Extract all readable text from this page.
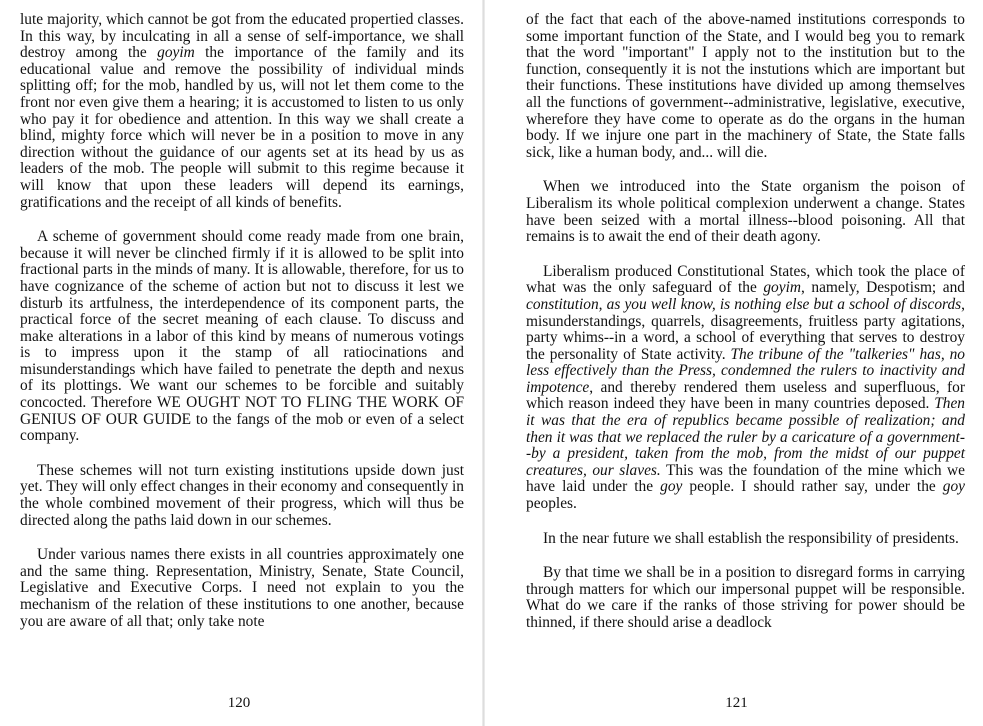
lute majority, which cannot be got from the educated propertied classes. In this way, by inculcating in all a sense of self-importance, we shall destroy among the goyim the importance of the family and its educational value and remove the possibility of individual minds splitting off; for the mob, handled by us, will not let them come to the front nor even give them a hearing; it is accustomed to listen to us only who pay it for obedience and attention. In this way we shall create a blind, mighty force which will never be in a position to move in any direction without the guidance of our agents set at its head by us as leaders of the mob. The people will submit to this regime because it will know that upon these leaders will depend its earnings, gratifications and the receipt of all kinds of benefits.

A scheme of government should come ready made from one brain, because it will never be clinched firmly if it is allowed to be split into fractional parts in the minds of many. It is allowable, therefore, for us to have cognizance of the scheme of action but not to discuss it lest we disturb its artfulness, the interdependence of its component parts, the practical force of the secret meaning of each clause. To discuss and make alterations in a labor of this kind by means of numerous votings is to impress upon it the stamp of all ratiocinations and misunderstandings which have failed to penetrate the depth and nexus of its plottings. We want our schemes to be forcible and suitably concocted. Therefore WE OUGHT NOT TO FLING THE WORK OF GENIUS OF OUR GUIDE to the fangs of the mob or even of a select company.

These schemes will not turn existing institutions upside down just yet. They will only effect changes in their economy and consequently in the whole combined movement of their progress, which will thus be directed along the paths laid down in our schemes.

Under various names there exists in all countries approximately one and the same thing. Representation, Ministry, Senate, State Council, Legislative and Executive Corps. I need not explain to you the mechanism of the relation of these institutions to one another, because you are aware of all that; only take note

120

of the fact that each of the above-named institutions corresponds to some important function of the State, and I would beg you to remark that the word "important" I apply not to the institution but to the function, consequently it is not the instutions which are important but their functions. These institutions have divided up among themselves all the functions of government--administrative, legislative, executive, wherefore they have come to operate as do the organs in the human body. If we injure one part in the machinery of State, the State falls sick, like a human body, and... will die.

When we introduced into the State organism the poison of Liberalism its whole political complexion underwent a change. States have been seized with a mortal illness--blood poisoning. All that remains is to await the end of their death agony.

Liberalism produced Constitutional States, which took the place of what was the only safeguard of the goyim, namely, Despotism; and constitution, as you well know, is nothing else but a school of discords, misunderstandings, quarrels, disagreements, fruitless party agitations, party whims--in a word, a school of everything that serves to destroy the personality of State activity. The tribune of the "talkeries" has, no less effectively than the Press, condemned the rulers to inactivity and impotence, and thereby rendered them useless and superfluous, for which reason indeed they have been in many countries deposed. Then it was that the era of republics became possible of realization; and then it was that we replaced the ruler by a caricature of a government--by a president, taken from the mob, from the midst of our puppet creatures, our slaves. This was the foundation of the mine which we have laid under the goy people. I should rather say, under the goy peoples.

In the near future we shall establish the responsibility of presidents.

By that time we shall be in a position to disregard forms in carrying through matters for which our impersonal puppet will be responsible. What do we care if the ranks of those striving for power should be thinned, if there should arise a deadlock

121
